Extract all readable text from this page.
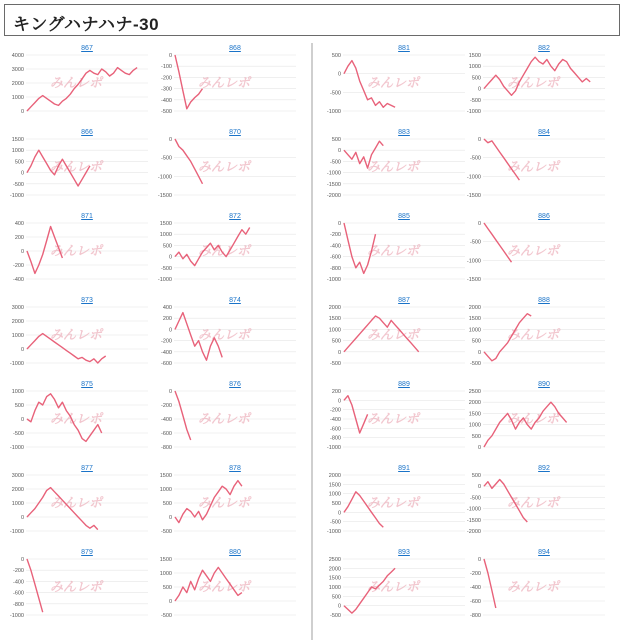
キングハナハナ-30
867
4000
3000
2000
1000
0
みんレポ
868
0
-100
-200
-300
-400
-500
みんレポ
881
500
0
-500
-1000
みんレポ
882
1500
1000
500
0
-500
-1000
みんレポ
866
1500
1000
500
0
-500
-1000
みんレポ
870
0
-500
-1000
-1500
みんレポ
883
500
0
-500
-1000
-1500
-2000
みんレポ
884
0
-500
-1000
-1500
みんレポ
871
400
200
0
-200
-400
みんレポ
872
1500
1000
500
0
-500
-1000
みんレポ
885
0
-200
-400
-600
-800
-1000
みんレポ
886
0
-500
-1000
-1500
みんレポ
873
3000
2000
1000
0
-1000
みんレポ
874
400
200
0
-200
-400
-600
みんレポ
887
2000
1500
1000
500
0
-500
みんレポ
888
2000
1500
1000
500
0
-500
みんレポ
875
1000
500
0
-500
-1000
みんレポ
876
0
-200
-400
-600
-800
みんレポ
889
200
0
-200
-400
-600
-800
-1000
みんレポ
890
2500
2000
1500
1000
500
0
みんレポ
877
3000
2000
1000
0
-1000
みんレポ
878
1500
1000
500
0
-500
みんレポ
891
2000
1500
1000
500
0
-500
-1000
みんレポ
892
500
0
-500
-1000
-1500
-2000
みんレポ
879
0
-200
-400
-600
-800
-1000
みんレポ
880
1500
1000
500
0
-500
みんレポ
893
2500
2000
1500
1000
500
0
-500
みんレポ
894
0
-200
-400
-600
-800
みんレポ
